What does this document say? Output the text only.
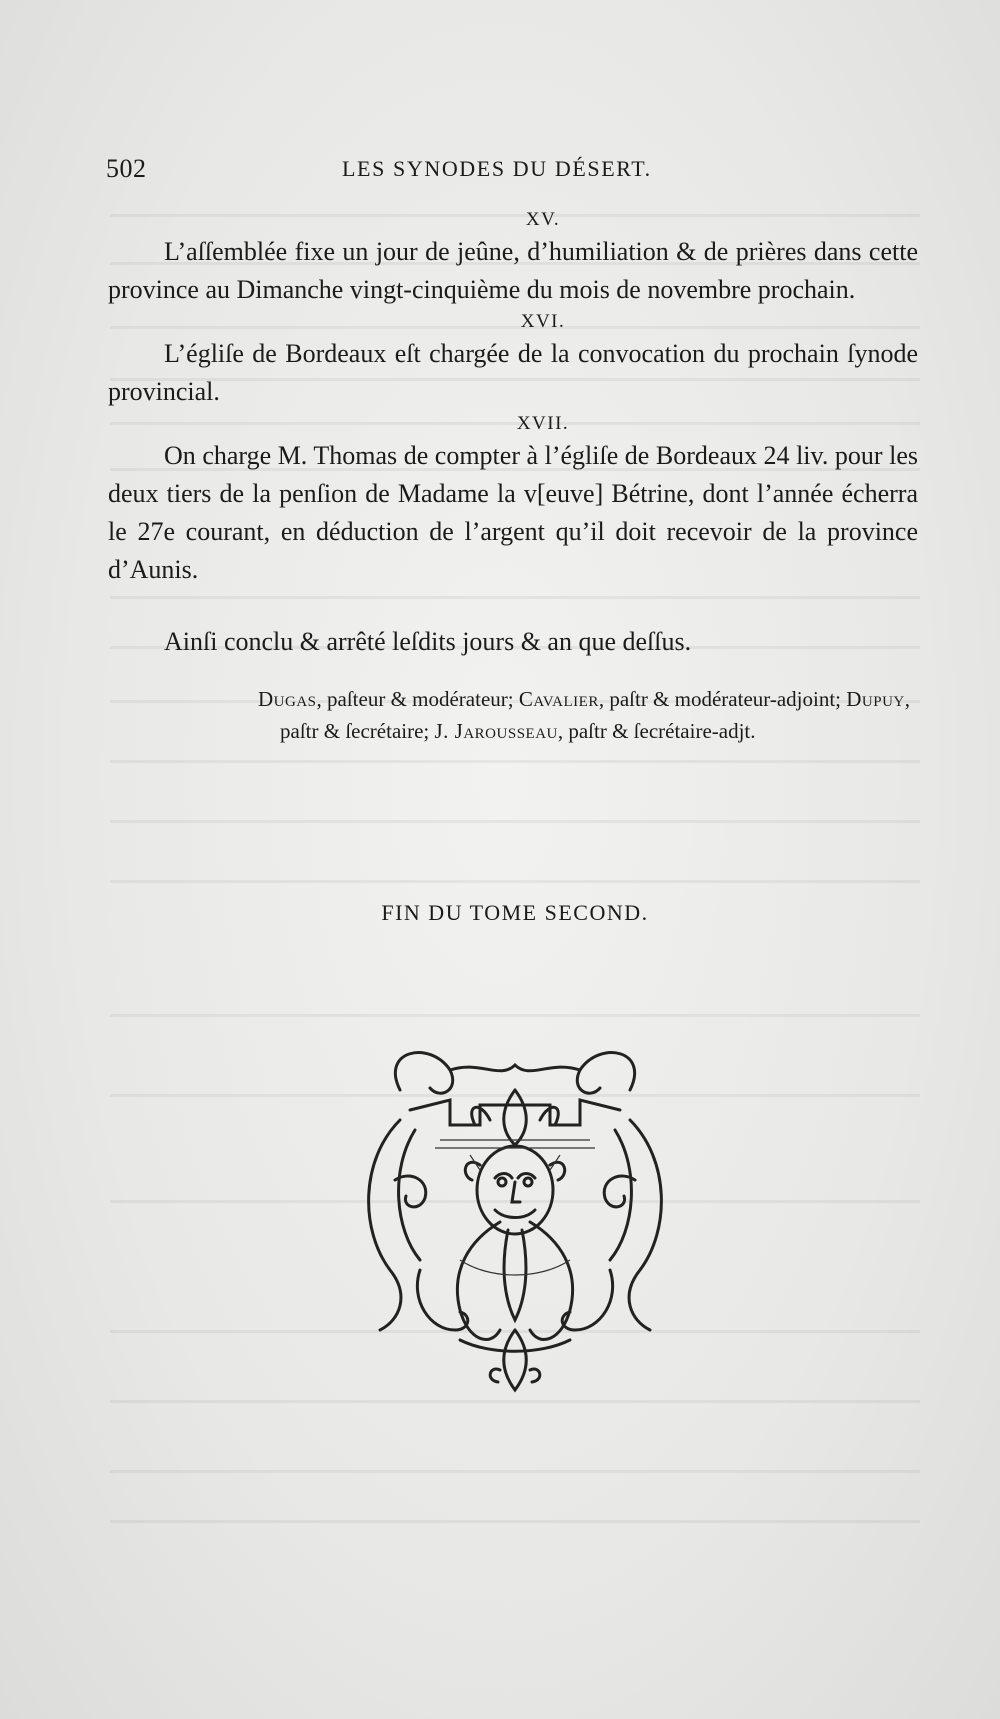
502	LES SYNODES DU DÉSERT.

XV.

L’aſſemblée fixe un jour de jeûne, d’humiliation & de prières dans cette province au Dimanche vingt-cinquième du mois de novembre prochain.

XVI.

L’égliſe de Bordeaux eſt chargée de la convocation du prochain ſynode provincial.

XVII.

On charge M. Thomas de compter à l’égliſe de Bordeaux 24 liv. pour les deux tiers de la penſion de Madame la v[euve] Bétrine, dont l’année écherra le 27e courant, en déduction de l’argent qu’il doit recevoir de la province d’Aunis.

Ainſi conclu & arrêté leſdits jours & an que deſſus.

Dugas, paſteur & modérateur; Cavalier, paſtr & modérateur-adjoint; Dupuy, paſtr & ſecrétaire; J. Jarousseau, paſtr & ſecrétaire-adjt.

FIN DU TOME SECOND.
